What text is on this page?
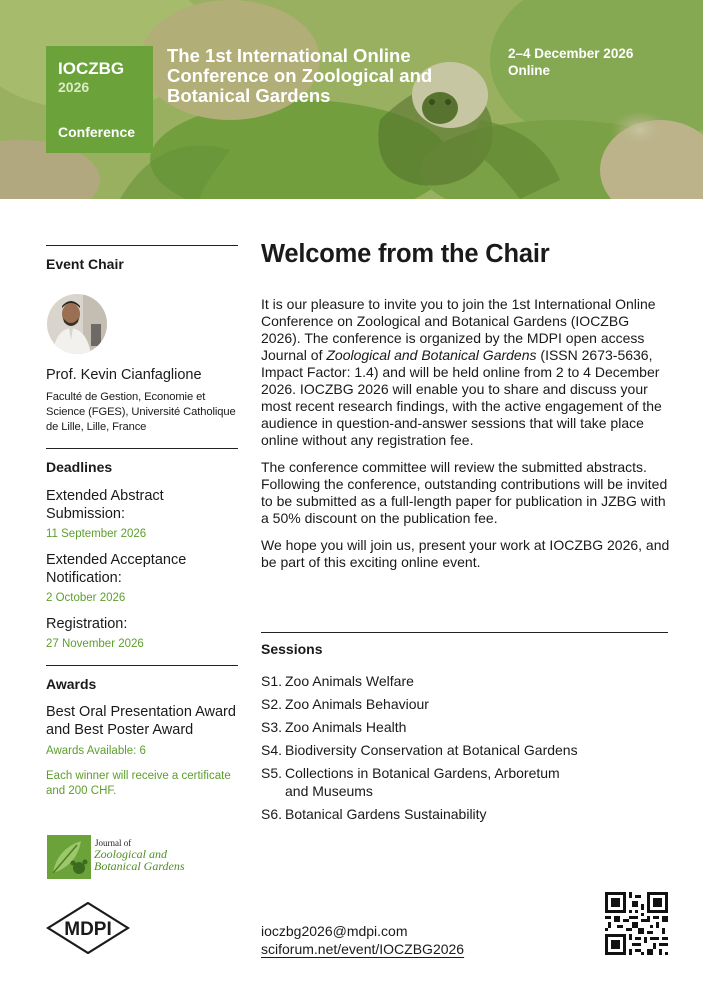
IOCZBG
2026
Conference
The 1st International Online Conference on Zoological and Botanical Gardens
2–4 December 2026
Online
Event Chair
Prof. Kevin Cianfaglione
Faculté de Gestion, Economie et Science (FGES), Université Catholique de Lille, Lille, France
Deadlines
Extended Abstract Submission:
11 September 2026
Extended Acceptance Notification:
2 October 2026
Registration:
27 November 2026
Awards
Best Oral Presentation Award and Best Poster Award
Awards Available: 6
Each winner will receive a certificate and 200 CHF.
Journal of
Zoological and
Botanical Gardens
MDPI
Welcome from the Chair

It is our pleasure to invite you to join the 1st International Online Conference on Zoological and Botanical Gardens (IOCZBG 2026). The conference is organized by the MDPI open access Journal of Zoological and Botanical Gardens (ISSN 2673-5636, Impact Factor: 1.4) and will be held online from 2 to 4 December 2026. IOCZBG 2026 will enable you to share and discuss your most recent research findings, with the active engagement of the audience in question-and-answer sessions that will take place online without any registration fee.

The conference committee will review the submitted abstracts. Following the conference, outstanding contributions will be invited to be submitted as a full-length paper for publication in JZBG with a 50% discount on the publication fee.

We hope you will join us, present your work at IOCZBG 2026, and be part of this exciting online event.

Sessions
S1. Zoo Animals Welfare
S2. Zoo Animals Behaviour
S3. Zoo Animals Health
S4. Biodiversity Conservation at Botanical Gardens
S5. Collections in Botanical Gardens, Arboretum and Museums
S6. Botanical Gardens Sustainability
ioczbg2026@mdpi.com
sciforum.net/event/IOCZBG2026
